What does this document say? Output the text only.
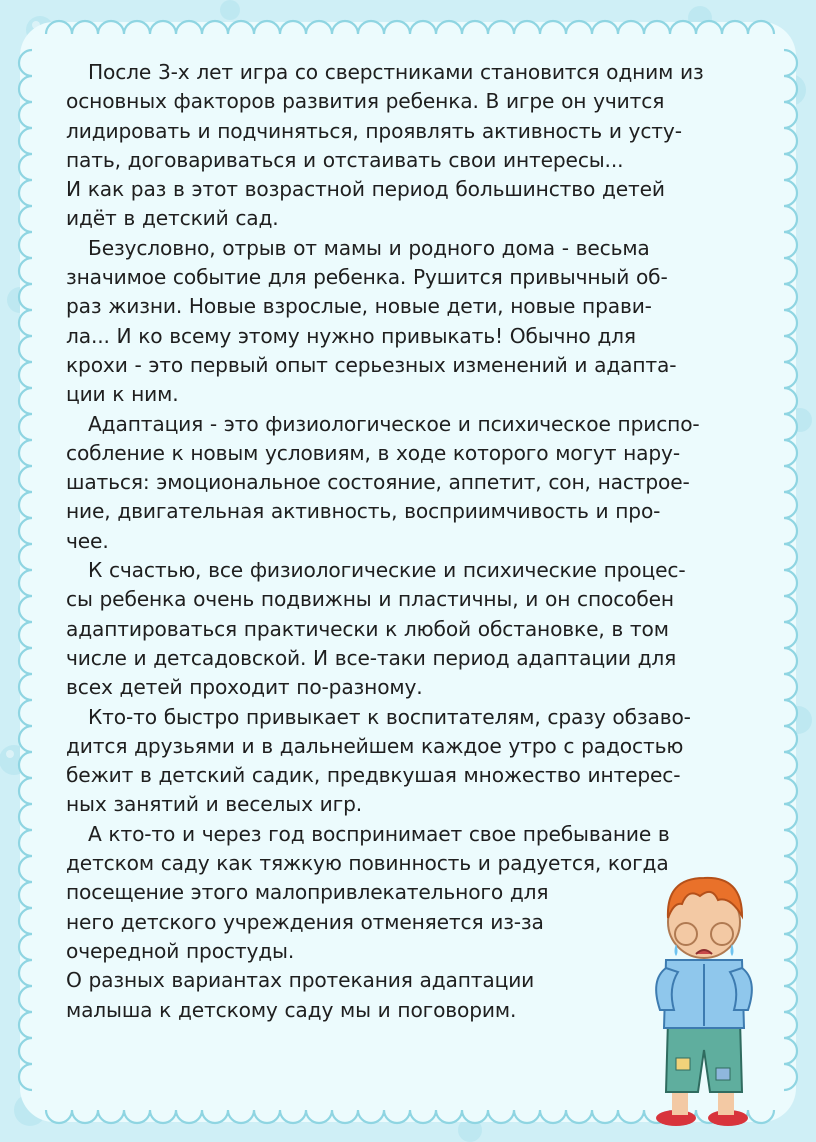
После 3-х лет игра со сверстниками становится одним из

основных факторов развития ребенка. В игре он учится

лидировать и подчиняться, проявлять активность и усту-

пать, договариваться и отстаивать свои интересы...

И как раз в этот возрастной период большинство детей

идёт в детский сад.

Безусловно, отрыв от мамы и родного дома - весьма

значимое событие для ребенка. Рушится привычный об-

раз жизни. Новые взрослые, новые дети, новые прави-

ла... И ко всему этому нужно привыкать! Обычно для

крохи - это первый опыт серьезных изменений и адапта-

ции к ним.

Адаптация - это физиологическое и психическое приспо-

собление к новым условиям, в ходе которого могут нару-

шаться: эмоциональное состояние, аппетит, сон, настрое-

ние, двигательная активность, восприимчивость и про-

чее.

К счастью, все физиологические и психические процес-

сы ребенка очень подвижны и пластичны, и он способен

адаптироваться практически к любой обстановке, в том

числе и детсадовской. И все-таки период адаптации для

всех детей проходит по-разному.

Кто-то быстро привыкает к воспитателям, сразу обзаво-

дится друзьями и в дальнейшем каждое утро с радостью

бежит в детский садик, предвкушая множество интерес-

ных занятий и веселых игр.

А кто-то и через год воспринимает свое пребывание в

детском саду как тяжкую повинность и радуется, когда

посещение этого малопривлекательного для

него детского учреждения отменяется из-за

очередной простуды.

О разных вариантах протекания адаптации

малыша к детскому саду мы и поговорим.
